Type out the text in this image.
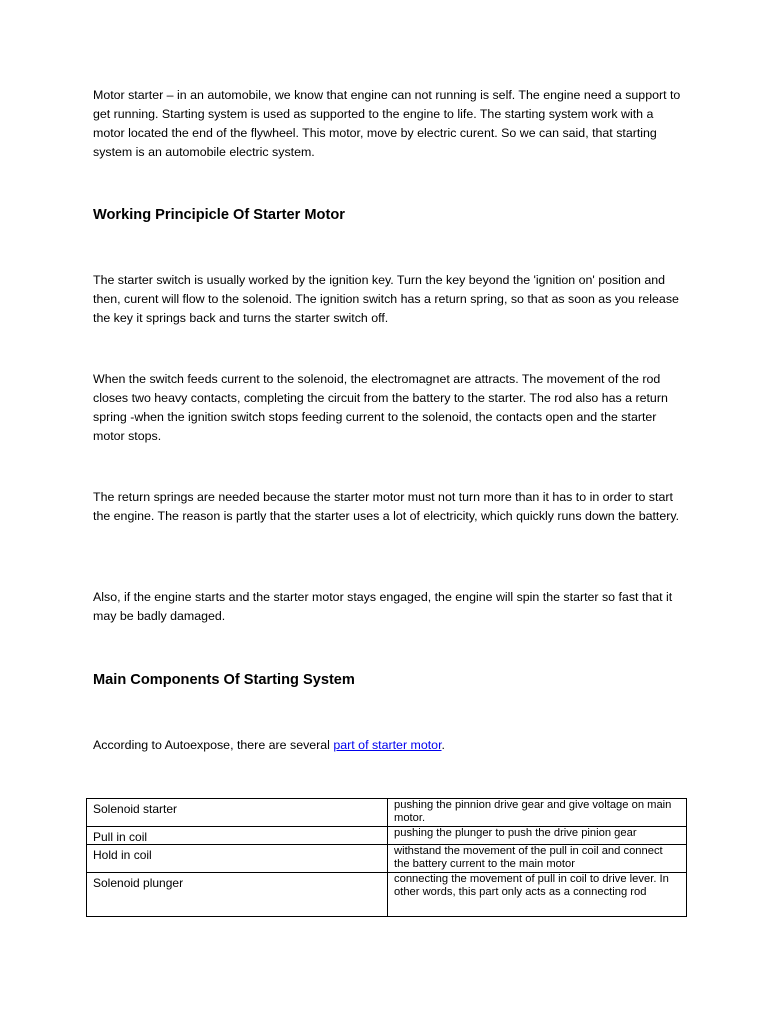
Motor starter – in an automobile, we know that engine can not running is self. The engine need a support to get running. Starting system is used as supported to the engine to life. The starting system work with a motor located the end of the flywheel. This motor, move by electric curent. So we can said, that starting system is an automobile electric system.

Working Principicle Of Starter Motor

The starter switch is usually worked by the ignition key. Turn the key beyond the 'ignition on' position and then, curent will flow to the solenoid. The ignition switch has a return spring, so that as soon as you release the key it springs back and turns the starter switch off.

When the switch feeds current to the solenoid, the electromagnet are attracts. The movement of the rod closes two heavy contacts, completing the circuit from the battery to the starter. The rod also has a return spring -when the ignition switch stops feeding current to the solenoid, the contacts open and the starter motor stops.

The return springs are needed because the starter motor must not turn more than it has to in order to start the engine. The reason is partly that the starter uses a lot of electricity, which quickly runs down the battery.

Also, if the engine starts and the starter motor stays engaged, the engine will spin the starter so fast that it may be badly damaged.

Main Components Of Starting System

According to Autoexpose, there are several part of starter motor.

Solenoid starter	pushing the pinnion drive gear and give voltage on main motor.
Pull in coil	pushing the plunger to push the drive pinion gear
Hold in coil	withstand the movement of the pull in coil and connect the battery current to the main motor
Solenoid plunger	connecting the movement of pull in coil to drive lever. In other words, this part only acts as a connecting rod
